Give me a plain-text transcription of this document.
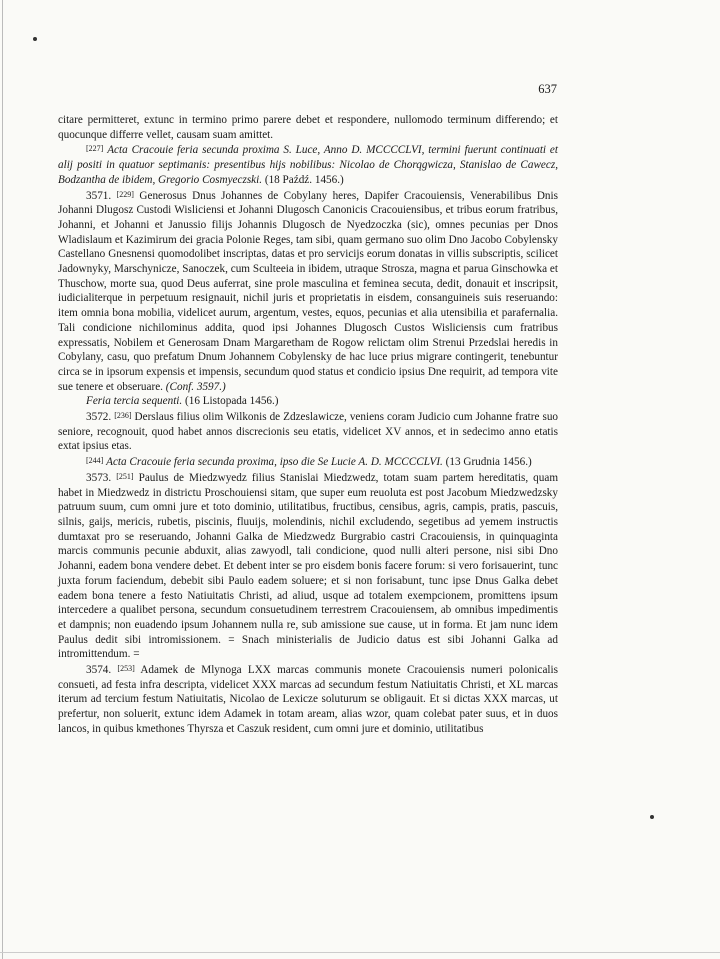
637

citare permitteret, extunc in termino primo parere debet et respondere, nullomodo terminum differendo; et quocunque differre vellet, causam suam amittet.

[227] Acta Cracouie feria secunda proxima S. Luce, Anno D. MCCCCLVI, termini fuerunt continuati et alij positi in quatuor septimanis: presentibus hijs nobilibus: Nicolao de Chorqgwicza, Stanislao de Cawecz, Bodzantha de ibidem, Gregorio Cosmyeczski. (18 Paźdź. 1456.)

3571. [229] Generosus Dnus Johannes de Cobylany heres, Dapifer Cracouiensis, Venerabilibus Dnis Johanni Dlugosz Custodi Wisliciensi et Johanni Dlugosch Canonicis Cracouiensibus, et tribus eorum fratribus, Johanni, et Johanni et Janussio filijs Johannis Dlugosch de Nyedzoczka (sic), omnes pecunias per Dnos Wladislaum et Kazimirum dei gracia Polonie Reges, tam sibi, quam germano suo olim Dno Jacobo Cobylensky Castellano Gnesnensi quomodolibet inscriptas, datas et pro servicijs eorum donatas in villis subscriptis, scilicet Jadownyky, Marschynicze, Sanoczek, cum Sculteeia in ibidem, utraque Strosza, magna et parua Ginschowka et Thuschow, morte sua, quod Deus auferrat, sine prole masculina et feminea secuta, dedit, donauit et inscripsit, iudicialiterque in perpetuum resignauit, nichil juris et proprietatis in eisdem, consanguineis suis reseruando: item omnia bona mobilia, videlicet aurum, argentum, vestes, equos, pecunias et alia utensibilia et parafernalia. Tali condicione nichilominus addita, quod ipsi Johannes Dlugosch Custos Wisliciensis cum fratribus expressatis, Nobilem et Generosam Dnam Margaretham de Rogow relictam olim Strenui Przedslai heredis in Cobylany, casu, quo prefatum Dnum Johannem Cobylensky de hac luce prius migrare contingerit, tenebuntur circa se in ipsorum expensis et impensis, secundum quod status et condicio ipsius Dne requirit, ad tempora vite sue tenere et obseruare. (Conf. 3597.)

Feria tercia sequenti. (16 Listopada 1456.)

3572. [236] Derslaus filius olim Wilkonis de Zdzeslawicze, veniens coram Judicio cum Johanne fratre suo seniore, recognouit, quod habet annos discrecionis seu etatis, videlicet XV annos, et in sedecimo anno etatis extat ipsius etas.

[244] Acta Cracouie feria secunda proxima, ipso die Se Lucie A. D. MCCCCLVI. (13 Grudnia 1456.)

3573. [251] Paulus de Miedzwyedz filius Stanislai Miedzwedz, totam suam partem hereditatis, quam habet in Miedzwedz in districtu Proschouiensi sitam, que super eum reuoluta est post Jacobum Miedzwedzsky patruum suum, cum omni jure et toto dominio, utilitatibus, fructibus, censibus, agris, campis, pratis, pascuis, silnis, gaijs, mericis, rubetis, piscinis, fluuijs, molendinis, nichil excludendo, segetibus ad yemem instructis dumtaxat pro se reseruando, Johanni Galka de Miedzwedz Burgrabio castri Cracouiensis, in quinquaginta marcis communis pecunie abduxit, alias zawyodl, tali condicione, quod nulli alteri persone, nisi sibi Dno Johanni, eadem bona vendere debet. Et debent inter se pro eisdem bonis facere forum: si vero forisauerint, tunc juxta forum faciendum, debebit sibi Paulo eadem soluere; et si non forisabunt, tunc ipse Dnus Galka debet eadem bona tenere a festo Natiuitatis Christi, ad aliud, usque ad totalem exempcionem, promittens ipsum intercedere a qualibet persona, secundum consuetudinem terrestrem Cracouiensem, ab omnibus impedimentis et dampnis; non euadendo ipsum Johannem nulla re, sub amissione sue cause, ut in forma. Et jam nunc idem Paulus dedit sibi intromissionem. = Snach ministerialis de Judicio datus est sibi Johanni Galka ad intromittendum. =

3574. [253] Adamek de Mlynoga LXX marcas communis monete Cracouiensis numeri polonicalis consueti, ad festa infra descripta, videlicet XXX marcas ad secundum festum Natiuitatis Christi, et XL marcas iterum ad tercium festum Natiuitatis, Nicolao de Lexicze soluturum se obligauit. Et si dictas XXX marcas, ut prefertur, non soluerit, extunc idem Adamek in totam aream, alias wzor, quam colebat pater suus, et in duos lancos, in quibus kmethones Thyrsza et Caszuk resident, cum omni jure et dominio, utilitatibus
